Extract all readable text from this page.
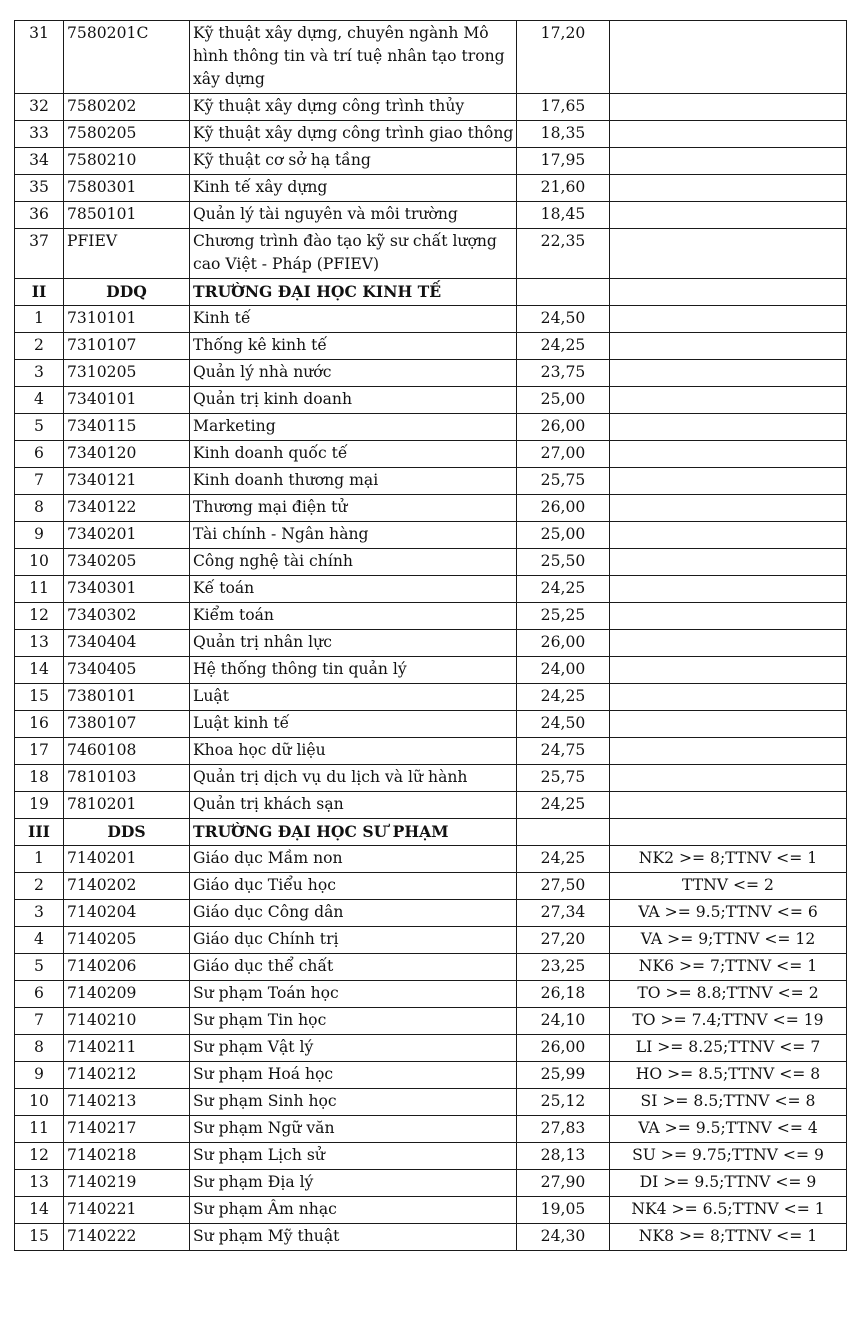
31	7580201C	Kỹ thuật xây dựng, chuyên ngành Mô hình thông tin và trí tuệ nhân tạo trong xây dựng	17,20	
32	7580202	Kỹ thuật xây dựng công trình thủy	17,65	
33	7580205	Kỹ thuật xây dựng công trình giao thông	18,35	
34	7580210	Kỹ thuật cơ sở hạ tầng	17,95	
35	7580301	Kinh tế xây dựng	21,60	
36	7850101	Quản lý tài nguyên và môi trường	18,45	
37	PFIEV	Chương trình đào tạo kỹ sư chất lượng cao Việt - Pháp (PFIEV)	22,35	
II	DDQ	TRƯỜNG ĐẠI HỌC KINH TẾ		
1	7310101	Kinh tế	24,50	
2	7310107	Thống kê kinh tế	24,25	
3	7310205	Quản lý nhà nước	23,75	
4	7340101	Quản trị kinh doanh	25,00	
5	7340115	Marketing	26,00	
6	7340120	Kinh doanh quốc tế	27,00	
7	7340121	Kinh doanh thương mại	25,75	
8	7340122	Thương mại điện tử	26,00	
9	7340201	Tài chính - Ngân hàng	25,00	
10	7340205	Công nghệ tài chính	25,50	
11	7340301	Kế toán	24,25	
12	7340302	Kiểm toán	25,25	
13	7340404	Quản trị nhân lực	26,00	
14	7340405	Hệ thống thông tin quản lý	24,00	
15	7380101	Luật	24,25	
16	7380107	Luật kinh tế	24,50	
17	7460108	Khoa học dữ liệu	24,75	
18	7810103	Quản trị dịch vụ du lịch và lữ hành	25,75	
19	7810201	Quản trị khách sạn	24,25	
III	DDS	TRƯỜNG ĐẠI HỌC SƯ PHẠM		
1	7140201	Giáo dục Mầm non	24,25	NK2 >= 8;TTNV <= 1
2	7140202	Giáo dục Tiểu học	27,50	TTNV <= 2
3	7140204	Giáo dục Công dân	27,34	VA >= 9.5;TTNV <= 6
4	7140205	Giáo dục Chính trị	27,20	VA >= 9;TTNV <= 12
5	7140206	Giáo dục thể chất	23,25	NK6 >= 7;TTNV <= 1
6	7140209	Sư phạm Toán học	26,18	TO >= 8.8;TTNV <= 2
7	7140210	Sư phạm Tin học	24,10	TO >= 7.4;TTNV <= 19
8	7140211	Sư phạm Vật lý	26,00	LI >= 8.25;TTNV <= 7
9	7140212	Sư phạm Hoá học	25,99	HO >= 8.5;TTNV <= 8
10	7140213	Sư phạm Sinh học	25,12	SI >= 8.5;TTNV <= 8
11	7140217	Sư phạm Ngữ văn	27,83	VA >= 9.5;TTNV <= 4
12	7140218	Sư phạm Lịch sử	28,13	SU >= 9.75;TTNV <= 9
13	7140219	Sư phạm Địa lý	27,90	DI >= 9.5;TTNV <= 9
14	7140221	Sư phạm Âm nhạc	19,05	NK4 >= 6.5;TTNV <= 1
15	7140222	Sư phạm Mỹ thuật	24,30	NK8 >= 8;TTNV <= 1
